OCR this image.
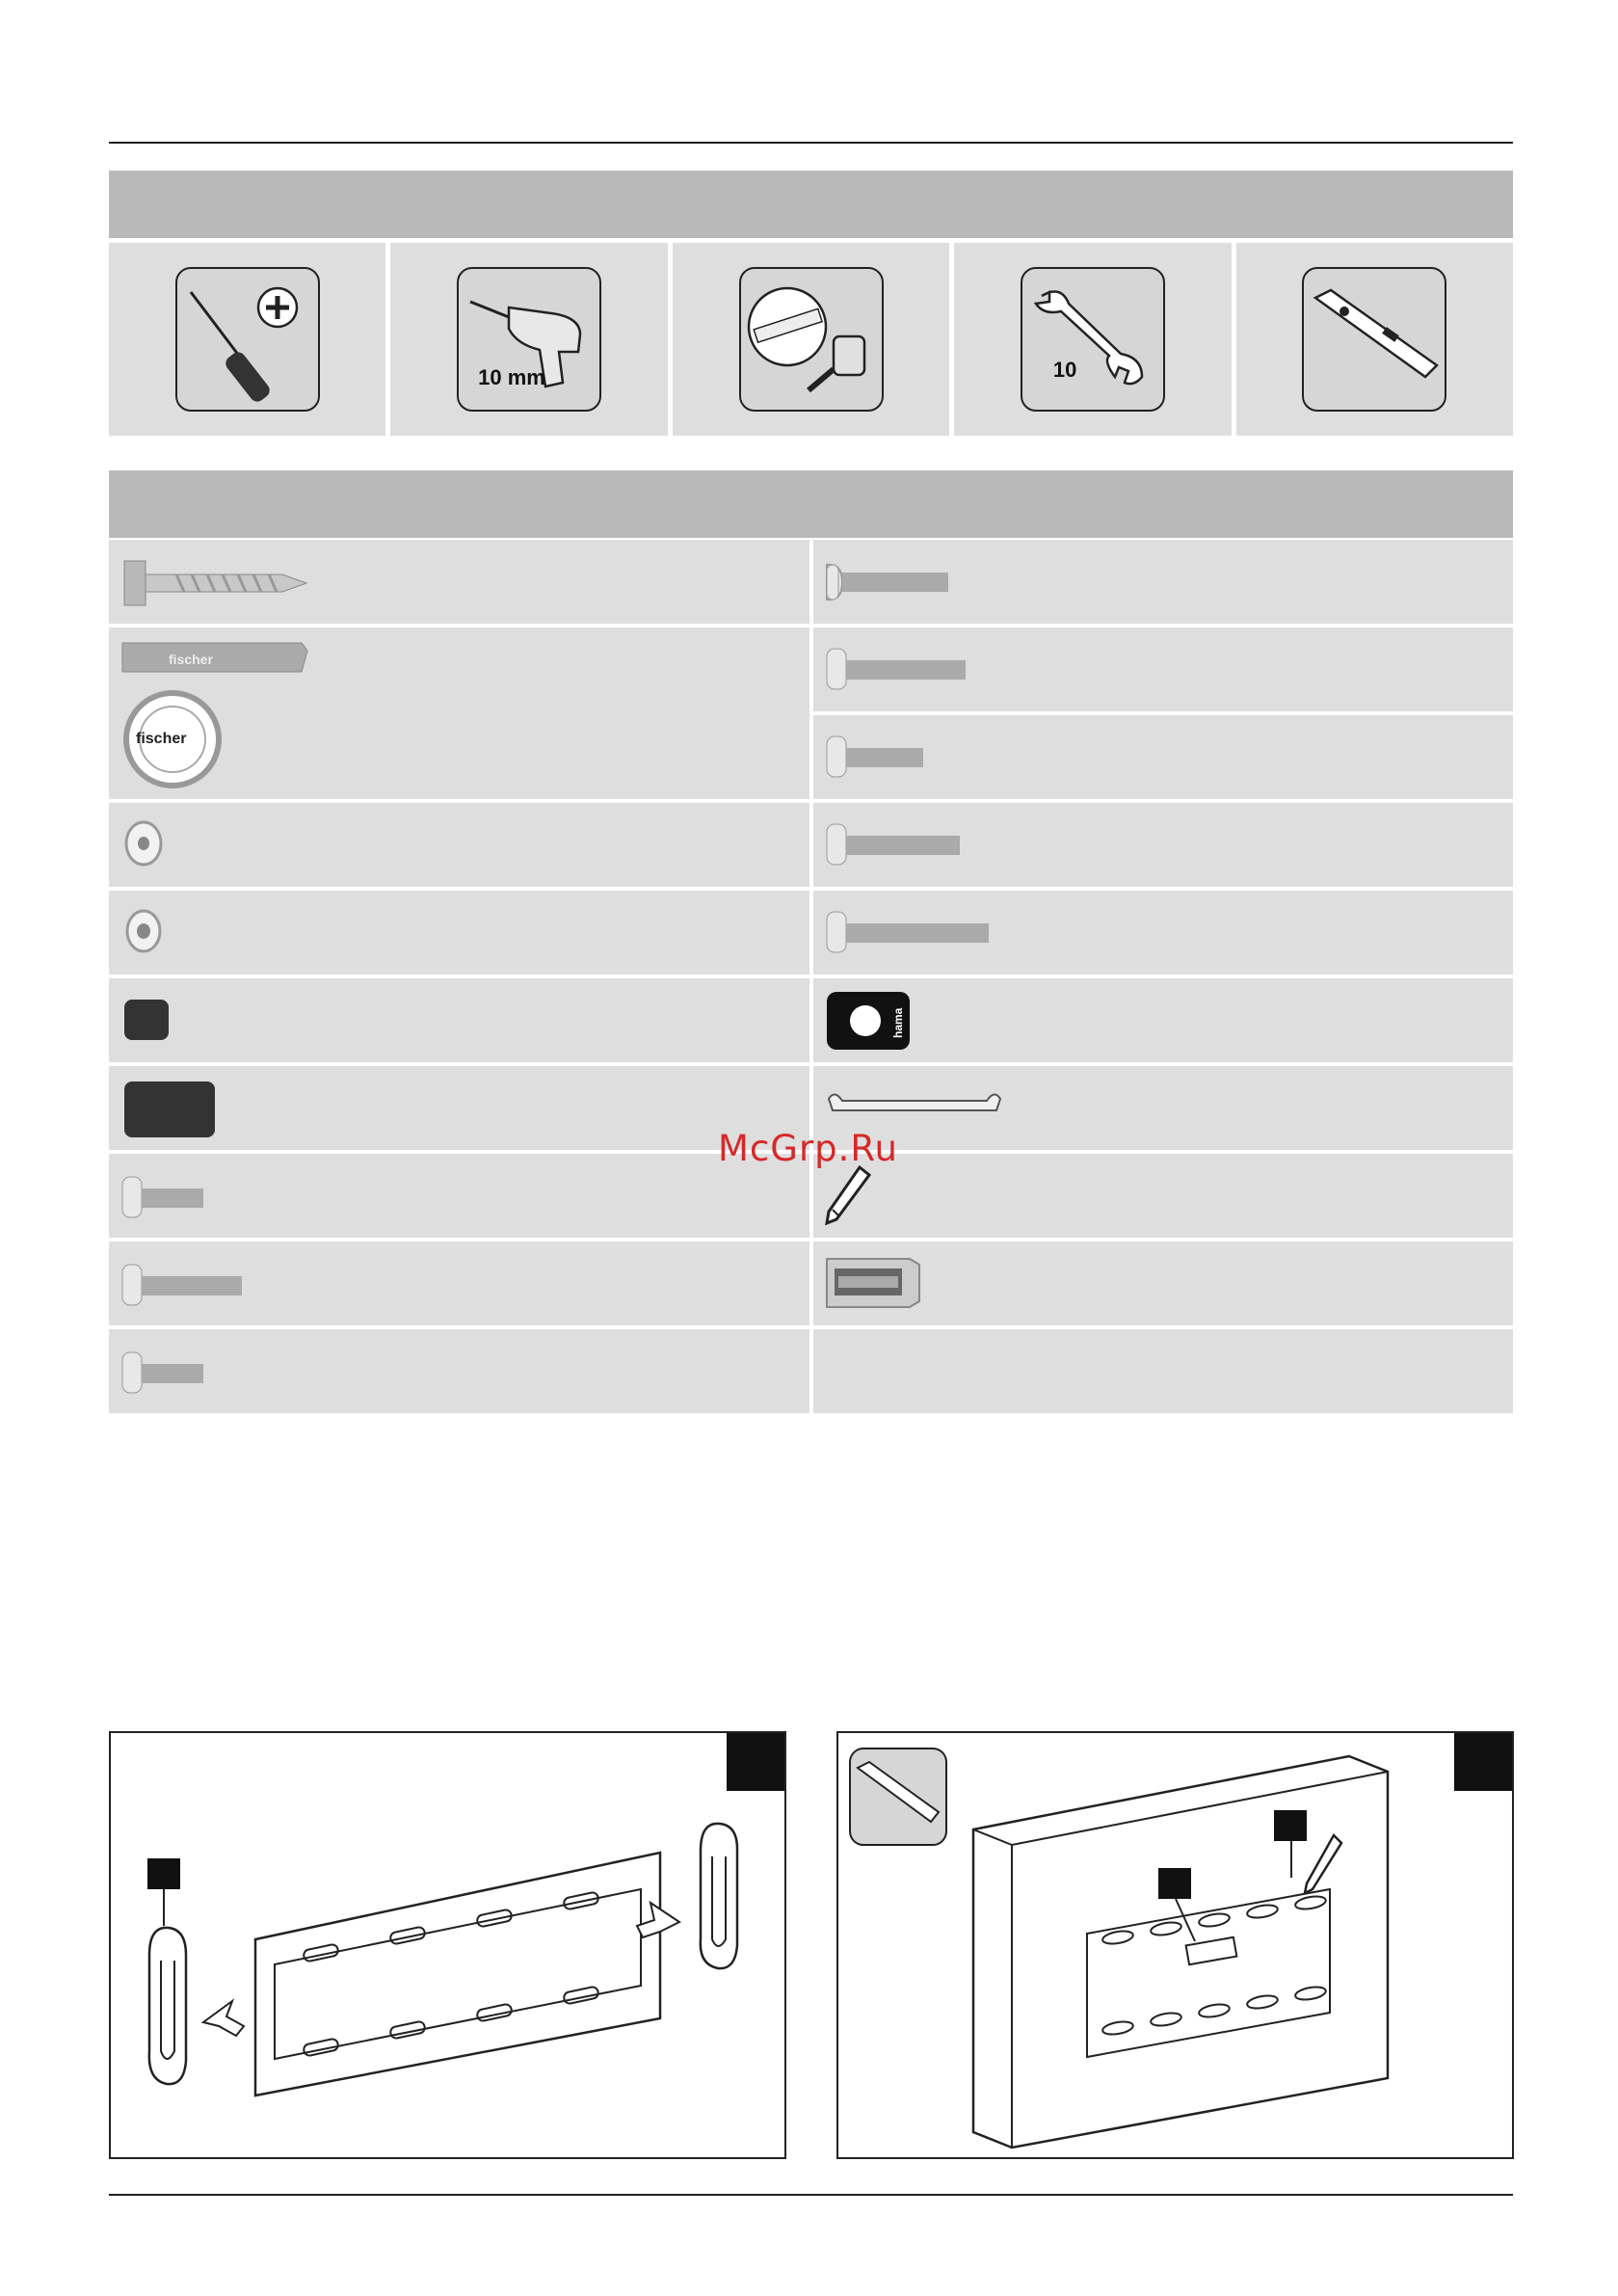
10 mm	10
fischer
fischer
hama
McGrp.Ru
